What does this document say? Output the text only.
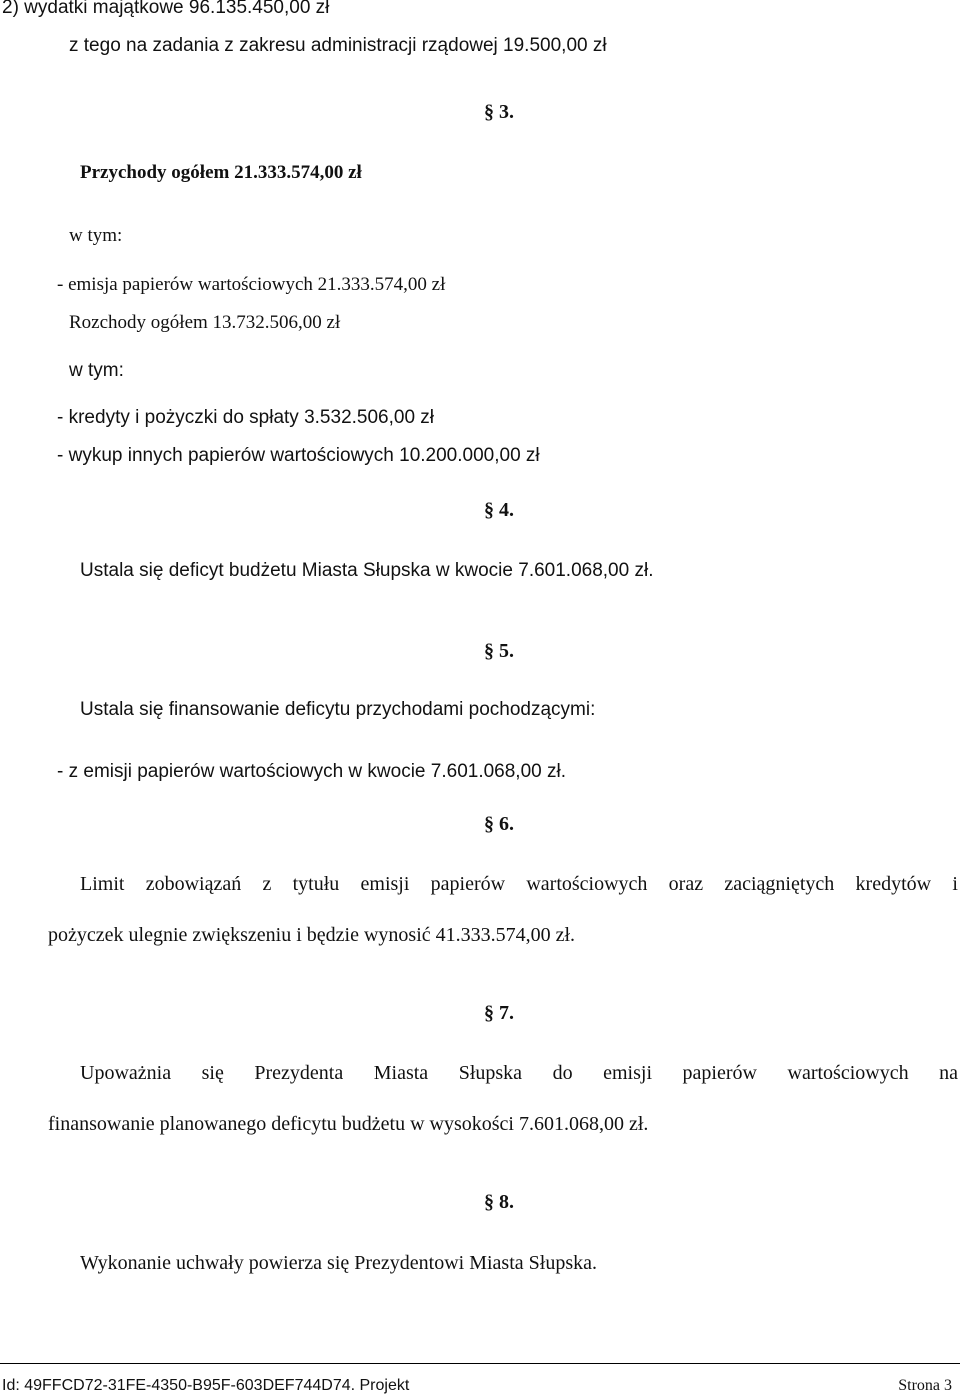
2) wydatki majątkowe 96.135.450,00 zł
z tego na zadania z zakresu administracji rządowej 19.500,00 zł
§ 3.
Przychody ogółem 21.333.574,00 zł
w tym:
- emisja papierów wartościowych 21.333.574,00 zł
Rozchody ogółem 13.732.506,00 zł
w tym:
- kredyty i pożyczki do spłaty 3.532.506,00 zł
- wykup innych papierów wartościowych 10.200.000,00 zł
§ 4.
Ustala się deficyt budżetu Miasta Słupska w kwocie 7.601.068,00 zł.
§ 5.
Ustala się finansowanie deficytu przychodami pochodzącymi:
- z emisji papierów wartościowych w kwocie 7.601.068,00 zł.
§ 6.
Limit zobowiązań z tytułu emisji papierów wartościowych oraz zaciągniętych kredytów i
pożyczek ulegnie zwiększeniu i będzie wynosić 41.333.574,00 zł.
§ 7.
Upoważnia się Prezydenta Miasta Słupska do emisji papierów wartościowych na
finansowanie planowanego deficytu budżetu w wysokości 7.601.068,00 zł.
§ 8.
Wykonanie uchwały powierza się Prezydentowi Miasta Słupska.
Id: 49FFCD72-31FE-4350-B95F-603DEF744D74. Projekt	Strona 3
